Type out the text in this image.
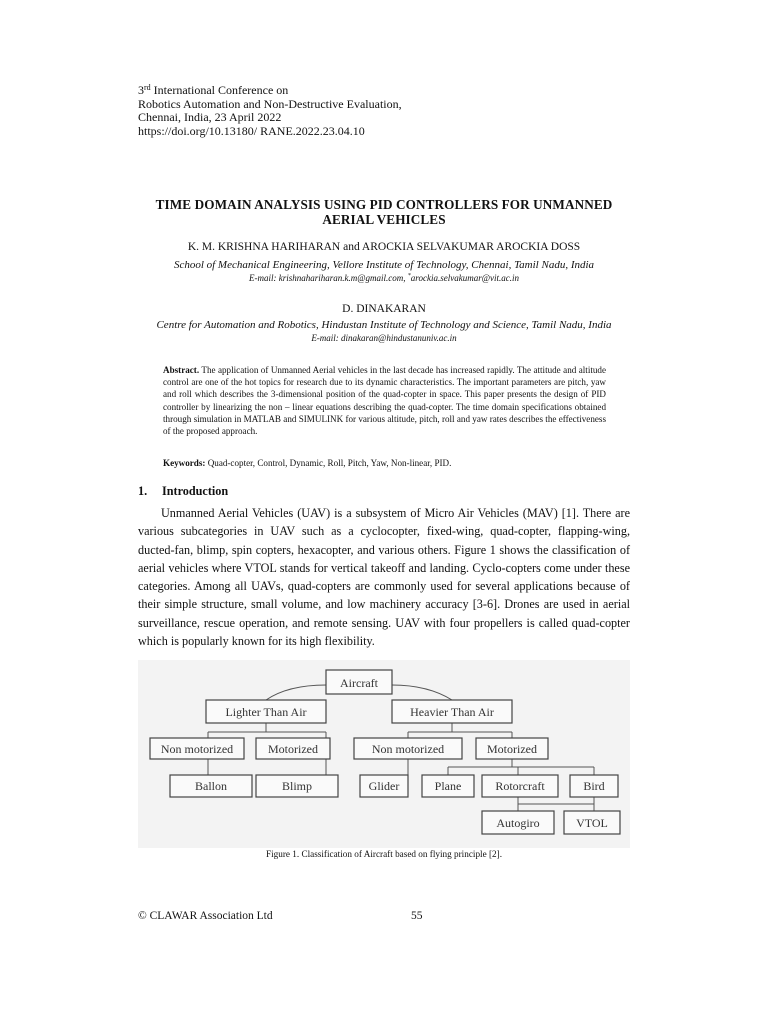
3rd International Conference on
Robotics Automation and Non-Destructive Evaluation,
Chennai, India, 23 April 2022
https://doi.org/10.13180/ RANE.2022.23.04.10
TIME DOMAIN ANALYSIS USING PID CONTROLLERS FOR UNMANNED
AERIAL VEHICLES
K. M. KRISHNA HARIHARAN and AROCKIA SELVAKUMAR AROCKIA DOSS
School of Mechanical Engineering, Vellore Institute of Technology, Chennai, Tamil Nadu, India
E-mail: krishnahariharan.k.m@gmail.com, *arockia.selvakumar@vit.ac.in
D. DINAKARAN
Centre for Automation and Robotics, Hindustan Institute of Technology and Science, Tamil Nadu, India
E-mail: dinakaran@hindustanuniv.ac.in
Abstract. The application of Unmanned Aerial vehicles in the last decade has increased rapidly. The attitude and altitude control are one of the hot topics for research due to its dynamic characteristics. The important parameters are pitch, yaw and roll which describes the 3-dimensional position of the quad-copter in space. This paper presents the design of PID controller by linearizing the non – linear equations describing the quad-copter. The time domain specifications obtained through simulation in MATLAB and SIMULINK for various altitude, pitch, roll and yaw rates describes the effectiveness of the proposed approach.
Keywords: Quad-copter, Control, Dynamic, Roll, Pitch, Yaw, Non-linear, PID.
1. Introduction
Unmanned Aerial Vehicles (UAV) is a subsystem of Micro Air Vehicles (MAV) [1]. There are various subcategories in UAV such as a cyclocopter, fixed-wing, quad-copter, flapping-wing, ducted-fan, blimp, spin copters, hexacopter, and various others. Figure 1 shows the classification of aerial vehicles where VTOL stands for vertical takeoff and landing. Cyclo-copters come under these categories. Among all UAVs, quad-copters are commonly used for several applications because of their simple structure, small volume, and low machinery accuracy [3-6]. Drones are used in aerial surveillance, rescue operation, and remote sensing. UAV with four propellers is called quad-copter which is popularly known for its high flexibility.
Aircraft
Lighter Than Air	Heavier Than Air
Non motorized	Motorized	Non motorized	Motorized
Ballon	Blimp	Glider	Plane	Rotorcraft	Bird
Autogiro	VTOL
Figure 1. Classification of Aircraft based on flying principle [2].
© CLAWAR Association Ltd	55
